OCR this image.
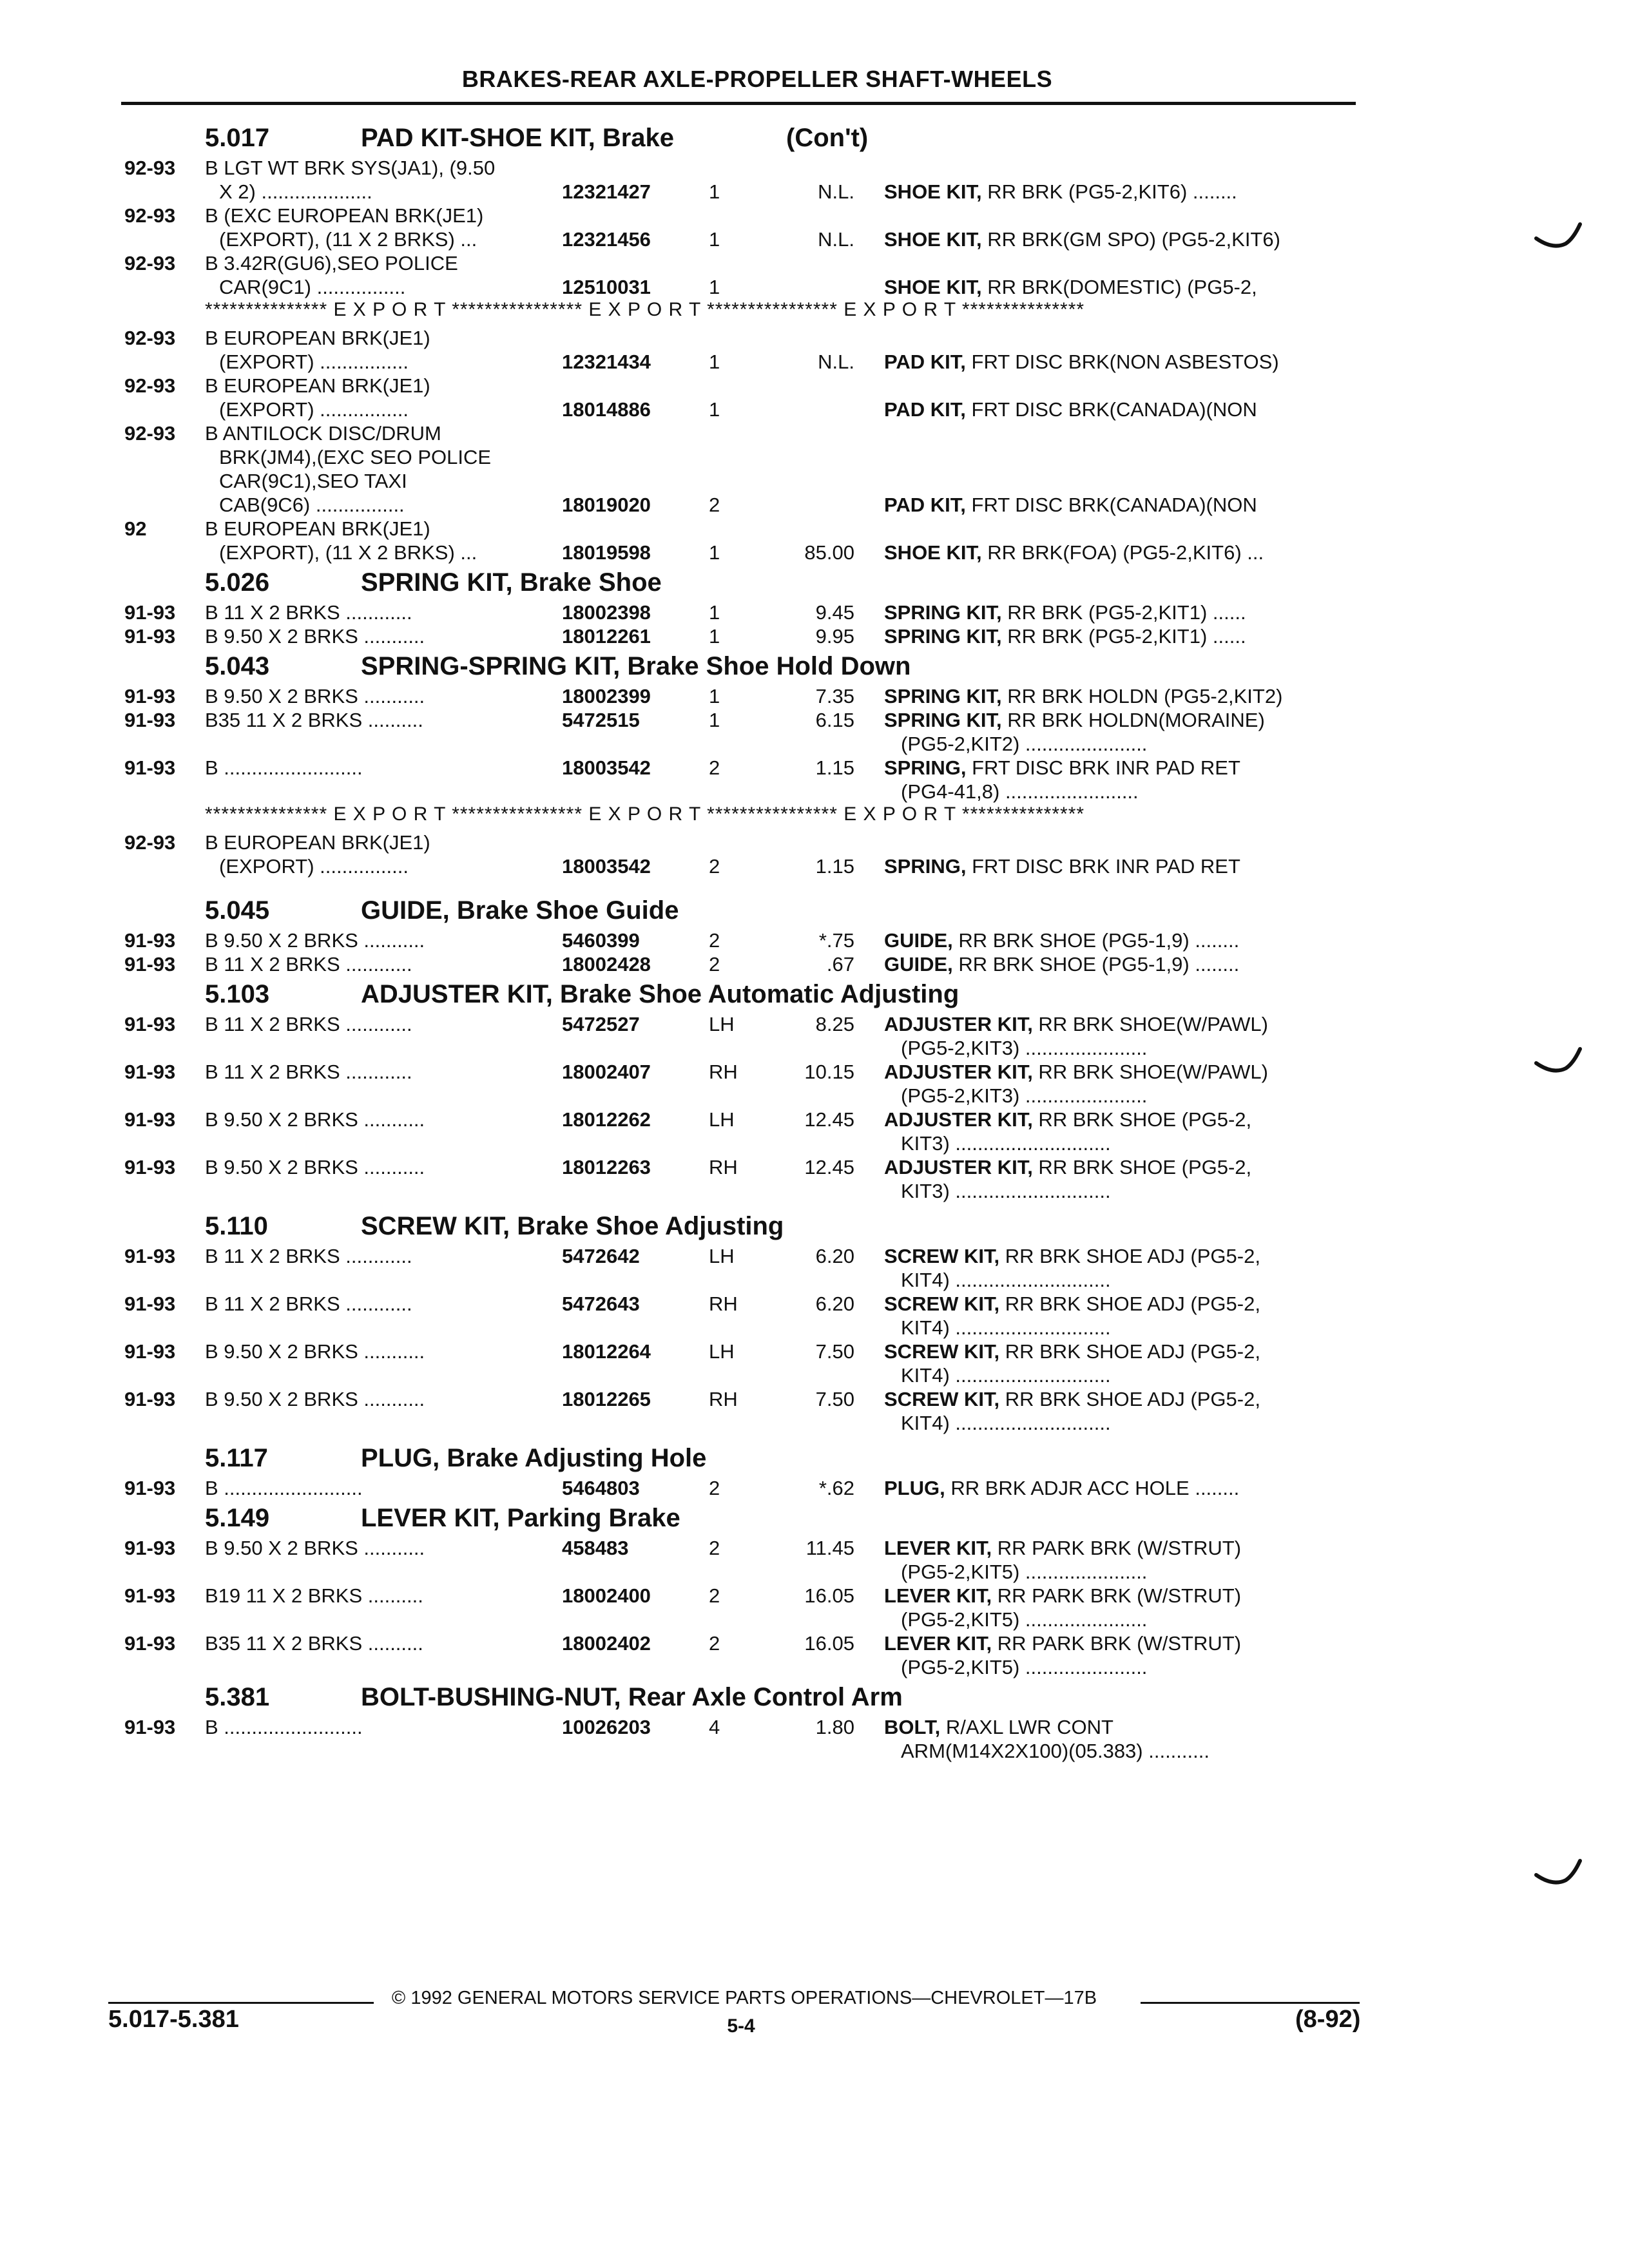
BRAKES-REAR AXLE-PROPELLER SHAFT-WHEELS
5.017	PAD KIT-SHOE KIT, Brake	(Con't)
92-93 B LGT WT BRK SYS(JA1), (9.50
X 2) ....................	12321427	1	N.L. SHOE KIT, RR BRK (PG5-2,KIT6) ........
92-93 B (EXC EUROPEAN BRK(JE1)
(EXPORT), (11 X 2 BRKS) ...	12321456	1	N.L. SHOE KIT, RR BRK(GM SPO) (PG5-2,KIT6)
92-93 B 3.42R(GU6),SEO POLICE
CAR(9C1) ................	12510031	1	SHOE KIT, RR BRK(DOMESTIC) (PG5-2,
*************** E X P O R T **************** E X P O R T **************** E X P O R T ***************
92-93 B EUROPEAN BRK(JE1)
(EXPORT) ................	12321434	1	N.L. PAD KIT, FRT DISC BRK(NON ASBESTOS)
92-93 B EUROPEAN BRK(JE1)
(EXPORT) ................	18014886	1	PAD KIT, FRT DISC BRK(CANADA)(NON
92-93 B ANTILOCK DISC/DRUM
BRK(JM4),(EXC SEO POLICE
CAR(9C1),SEO TAXI
CAB(9C6) ................	18019020	2	PAD KIT, FRT DISC BRK(CANADA)(NON
92	B EUROPEAN BRK(JE1)
(EXPORT), (11 X 2 BRKS) ...	18019598	1	85.00 SHOE KIT, RR BRK(FOA) (PG5-2,KIT6) ...
5.026	SPRING KIT, Brake Shoe
91-93 B 11 X 2 BRKS ............	18002398	1	9.45 SPRING KIT, RR BRK (PG5-2,KIT1) ......
91-93 B 9.50 X 2 BRKS ...........	18012261	1	9.95 SPRING KIT, RR BRK (PG5-2,KIT1) ......
5.043	SPRING-SPRING KIT, Brake Shoe Hold Down
91-93 B 9.50 X 2 BRKS ...........	18002399	1	7.35 SPRING KIT, RR BRK HOLDN (PG5-2,KIT2)
91-93 B35 11 X 2 BRKS ..........	5472515	1	6.15 SPRING KIT, RR BRK HOLDN(MORAINE)
(PG5-2,KIT2) ......................
91-93 B .........................	18003542	2	1.15 SPRING, FRT DISC BRK INR PAD RET
(PG4-41,8) ........................
*************** E X P O R T **************** E X P O R T **************** E X P O R T ***************
92-93 B EUROPEAN BRK(JE1)
(EXPORT) ................	18003542	2	1.15 SPRING, FRT DISC BRK INR PAD RET
5.045	GUIDE, Brake Shoe Guide
91-93 B 9.50 X 2 BRKS ...........	5460399	2	*.75 GUIDE, RR BRK SHOE (PG5-1,9) ........
91-93 B 11 X 2 BRKS ............	18002428	2	.67 GUIDE, RR BRK SHOE (PG5-1,9) ........
5.103	ADJUSTER KIT, Brake Shoe Automatic Adjusting
91-93 B 11 X 2 BRKS ............	5472527	LH	8.25 ADJUSTER KIT, RR BRK SHOE(W/PAWL)
(PG5-2,KIT3) ......................
91-93 B 11 X 2 BRKS ............	18002407	RH	10.15 ADJUSTER KIT, RR BRK SHOE(W/PAWL)
(PG5-2,KIT3) ......................
91-93 B 9.50 X 2 BRKS ...........	18012262	LH	12.45 ADJUSTER KIT, RR BRK SHOE (PG5-2,
KIT3) ............................
91-93 B 9.50 X 2 BRKS ...........	18012263	RH	12.45 ADJUSTER KIT, RR BRK SHOE (PG5-2,
KIT3) ............................
5.110	SCREW KIT, Brake Shoe Adjusting
91-93 B 11 X 2 BRKS ............	5472642	LH	6.20 SCREW KIT, RR BRK SHOE ADJ (PG5-2,
KIT4) ............................
91-93 B 11 X 2 BRKS ............	5472643	RH	6.20 SCREW KIT, RR BRK SHOE ADJ (PG5-2,
KIT4) ............................
91-93 B 9.50 X 2 BRKS ...........	18012264	LH	7.50 SCREW KIT, RR BRK SHOE ADJ (PG5-2,
KIT4) ............................
91-93 B 9.50 X 2 BRKS ...........	18012265	RH	7.50 SCREW KIT, RR BRK SHOE ADJ (PG5-2,
KIT4) ............................
5.117	PLUG, Brake Adjusting Hole
91-93 B .........................	5464803	2	*.62 PLUG, RR BRK ADJR ACC HOLE ........
5.149	LEVER KIT, Parking Brake
91-93 B 9.50 X 2 BRKS ...........	458483	2	11.45 LEVER KIT, RR PARK BRK (W/STRUT)
(PG5-2,KIT5) ......................
91-93 B19 11 X 2 BRKS ..........	18002400	2	16.05 LEVER KIT, RR PARK BRK (W/STRUT)
(PG5-2,KIT5) ......................
91-93 B35 11 X 2 BRKS ..........	18002402	2	16.05 LEVER KIT, RR PARK BRK (W/STRUT)
(PG5-2,KIT5) ......................
5.381	BOLT-BUSHING-NUT, Rear Axle Control Arm
91-93 B .........................	10026203	4	1.80 BOLT, R/AXL LWR CONT
ARM(M14X2X100)(05.383) ...........
© 1992 GENERAL MOTORS SERVICE PARTS OPERATIONS—CHEVROLET—17B
5.017-5.381	5-4	(8-92)
